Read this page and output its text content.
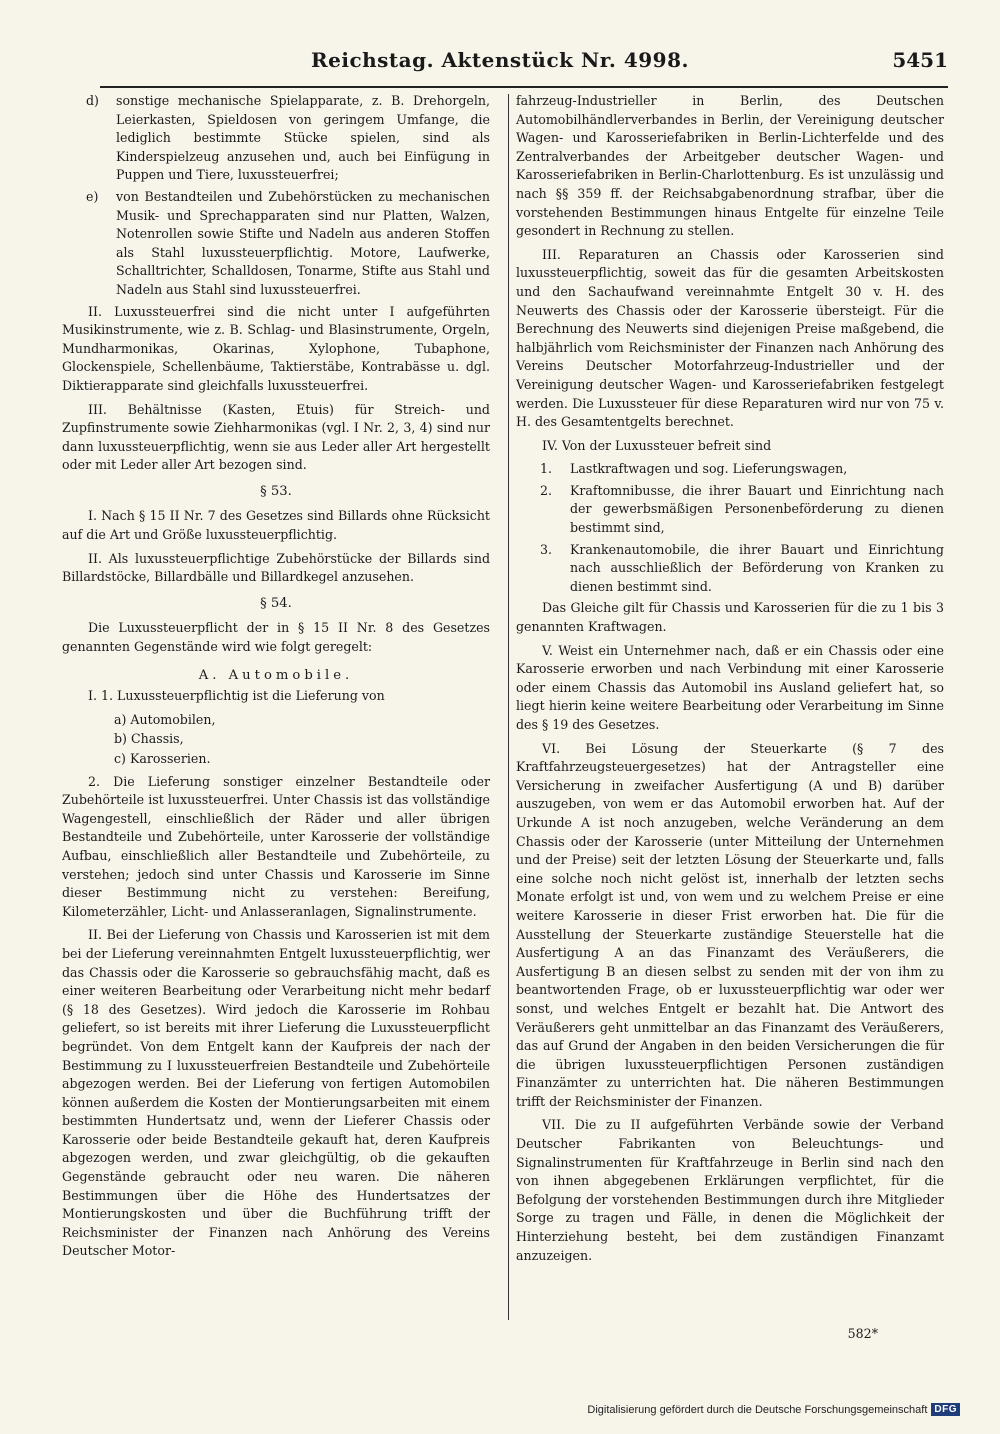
Reichstag. Aktenstück Nr. 4998.	5451
d)	sonstige mechanische Spielapparate, z. B. Drehorgeln, Leierkasten, Spieldosen von geringem Umfange, die lediglich bestimmte Stücke spielen, sind als Kinderspielzeug anzusehen und, auch bei Einfügung in Puppen und Tiere, luxussteuerfrei;
e)	von Bestandteilen und Zubehörstücken zu mechanischen Musik- und Sprechapparaten sind nur Platten, Walzen, Notenrollen sowie Stifte und Nadeln aus anderen Stoffen als Stahl luxussteuerpflichtig. Motore, Laufwerke, Schalltrichter, Schalldosen, Tonarme, Stifte aus Stahl und Nadeln aus Stahl sind luxussteuerfrei.

II. Luxussteuerfrei sind die nicht unter I aufgeführten Musikinstrumente, wie z. B. Schlag- und Blasinstrumente, Orgeln, Mundharmonikas, Okarinas, Xylophone, Tubaphone, Glockenspiele, Schellenbäume, Taktierstäbe, Kontrabässe u. dgl. Diktierapparate sind gleichfalls luxussteuerfrei.

III. Behältnisse (Kasten, Etuis) für Streich- und Zupfinstrumente sowie Ziehharmonikas (vgl. I Nr. 2, 3, 4) sind nur dann luxussteuerpflichtig, wenn sie aus Leder aller Art hergestellt oder mit Leder aller Art bezogen sind.

§ 53.

I. Nach § 15 II Nr. 7 des Gesetzes sind Billards ohne Rücksicht auf die Art und Größe luxussteuerpflichtig.

II. Als luxussteuerpflichtige Zubehörstücke der Billards sind Billardstöcke, Billardbälle und Billardkegel anzusehen.

§ 54.

Die Luxussteuerpflicht der in § 15 II Nr. 8 des Gesetzes genannten Gegenstände wird wie folgt geregelt:

A. Automobile.

I. 1. Luxussteuerpflichtig ist die Lieferung von

a) Automobilen,
b) Chassis,
c) Karosserien.

2. Die Lieferung sonstiger einzelner Bestandteile oder Zubehörteile ist luxussteuerfrei. Unter Chassis ist das vollständige Wagengestell, einschließlich der Räder und aller übrigen Bestandteile und Zubehörteile, unter Karosserie der vollständige Aufbau, einschließlich aller Bestandteile und Zubehörteile, zu verstehen; jedoch sind unter Chassis und Karosserie im Sinne dieser Bestimmung nicht zu verstehen: Bereifung, Kilometerzähler, Licht- und Anlasseranlagen, Signalinstrumente.

II. Bei der Lieferung von Chassis und Karosserien ist mit dem bei der Lieferung vereinnahmten Entgelt luxussteuerpflichtig, wer das Chassis oder die Karosserie so gebrauchsfähig macht, daß es einer weiteren Bearbeitung oder Verarbeitung nicht mehr bedarf (§ 18 des Gesetzes). Wird jedoch die Karosserie im Rohbau geliefert, so ist bereits mit ihrer Lieferung die Luxussteuerpflicht begründet. Von dem Entgelt kann der Kaufpreis der nach der Bestimmung zu I luxussteuerfreien Bestandteile und Zubehörteile abgezogen werden. Bei der Lieferung von fertigen Automobilen können außerdem die Kosten der Montierungsarbeiten mit einem bestimmten Hundertsatz und, wenn der Lieferer Chassis oder Karosserie oder beide Bestandteile gekauft hat, deren Kaufpreis abgezogen werden, und zwar gleichgültig, ob die gekauften Gegenstände gebraucht oder neu waren. Die näheren Bestimmungen über die Höhe des Hundertsatzes der Montierungskosten und über die Buchführung trifft der Reichsminister der Finanzen nach Anhörung des Vereins Deutscher Motor-

fahrzeug-Industrieller in Berlin, des Deutschen Automobilhändlerverbandes in Berlin, der Vereinigung deutscher Wagen- und Karosseriefabriken in Berlin-Lichterfelde und des Zentralverbandes der Arbeitgeber deutscher Wagen- und Karosseriefabriken in Berlin-Charlottenburg. Es ist unzulässig und nach §§ 359 ff. der Reichsabgabenordnung strafbar, über die vorstehenden Bestimmungen hinaus Entgelte für einzelne Teile gesondert in Rechnung zu stellen.

III. Reparaturen an Chassis oder Karosserien sind luxussteuerpflichtig, soweit das für die gesamten Arbeitskosten und den Sachaufwand vereinnahmte Entgelt 30 v. H. des Neuwerts des Chassis oder der Karosserie übersteigt. Für die Berechnung des Neuwerts sind diejenigen Preise maßgebend, die halbjährlich vom Reichsminister der Finanzen nach Anhörung des Vereins Deutscher Motorfahrzeug-Industrieller und der Vereinigung deutscher Wagen- und Karosseriefabriken festgelegt werden. Die Luxussteuer für diese Reparaturen wird nur von 75 v. H. des Gesamtentgelts berechnet.

IV. Von der Luxussteuer befreit sind

1.	Lastkraftwagen und sog. Lieferungswagen,
2.	Kraftomnibusse, die ihrer Bauart und Einrichtung nach der gewerbsmäßigen Personenbeförderung zu dienen bestimmt sind,
3.	Krankenautomobile, die ihrer Bauart und Einrichtung nach ausschließlich der Beförderung von Kranken zu dienen bestimmt sind.

Das Gleiche gilt für Chassis und Karosserien für die zu 1 bis 3 genannten Kraftwagen.

V. Weist ein Unternehmer nach, daß er ein Chassis oder eine Karosserie erworben und nach Verbindung mit einer Karosserie oder einem Chassis das Automobil ins Ausland geliefert hat, so liegt hierin keine weitere Bearbeitung oder Verarbeitung im Sinne des § 19 des Gesetzes.

VI. Bei Lösung der Steuerkarte (§ 7 des Kraftfahrzeugsteuergesetzes) hat der Antragsteller eine Versicherung in zweifacher Ausfertigung (A und B) darüber auszugeben, von wem er das Automobil erworben hat. Auf der Urkunde A ist noch anzugeben, welche Veränderung an dem Chassis oder der Karosserie (unter Mitteilung der Unternehmen und der Preise) seit der letzten Lösung der Steuerkarte und, falls eine solche noch nicht gelöst ist, innerhalb der letzten sechs Monate erfolgt ist und, von wem und zu welchem Preise er eine weitere Karosserie in dieser Frist erworben hat. Die für die Ausstellung der Steuerkarte zuständige Steuerstelle hat die Ausfertigung A an das Finanzamt des Veräußerers, die Ausfertigung B an diesen selbst zu senden mit der von ihm zu beantwortenden Frage, ob er luxussteuerpflichtig war oder wer sonst, und welches Entgelt er bezahlt hat. Die Antwort des Veräußerers geht unmittelbar an das Finanzamt des Veräußerers, das auf Grund der Angaben in den beiden Versicherungen die für die übrigen luxussteuerpflichtigen Personen zuständigen Finanzämter zu unterrichten hat. Die näheren Bestimmungen trifft der Reichsminister der Finanzen.

VII. Die zu II aufgeführten Verbände sowie der Verband Deutscher Fabrikanten von Beleuchtungs- und Signalinstrumenten für Kraftfahrzeuge in Berlin sind nach den von ihnen abgegebenen Erklärungen verpflichtet, für die Befolgung der vorstehenden Bestimmungen durch ihre Mitglieder Sorge zu tragen und Fälle, in denen die Möglichkeit der Hinterziehung besteht, bei dem zuständigen Finanzamt anzuzeigen.

582*
Digitalisierung gefördert durch die Deutsche Forschungsgemeinschaft DFG
